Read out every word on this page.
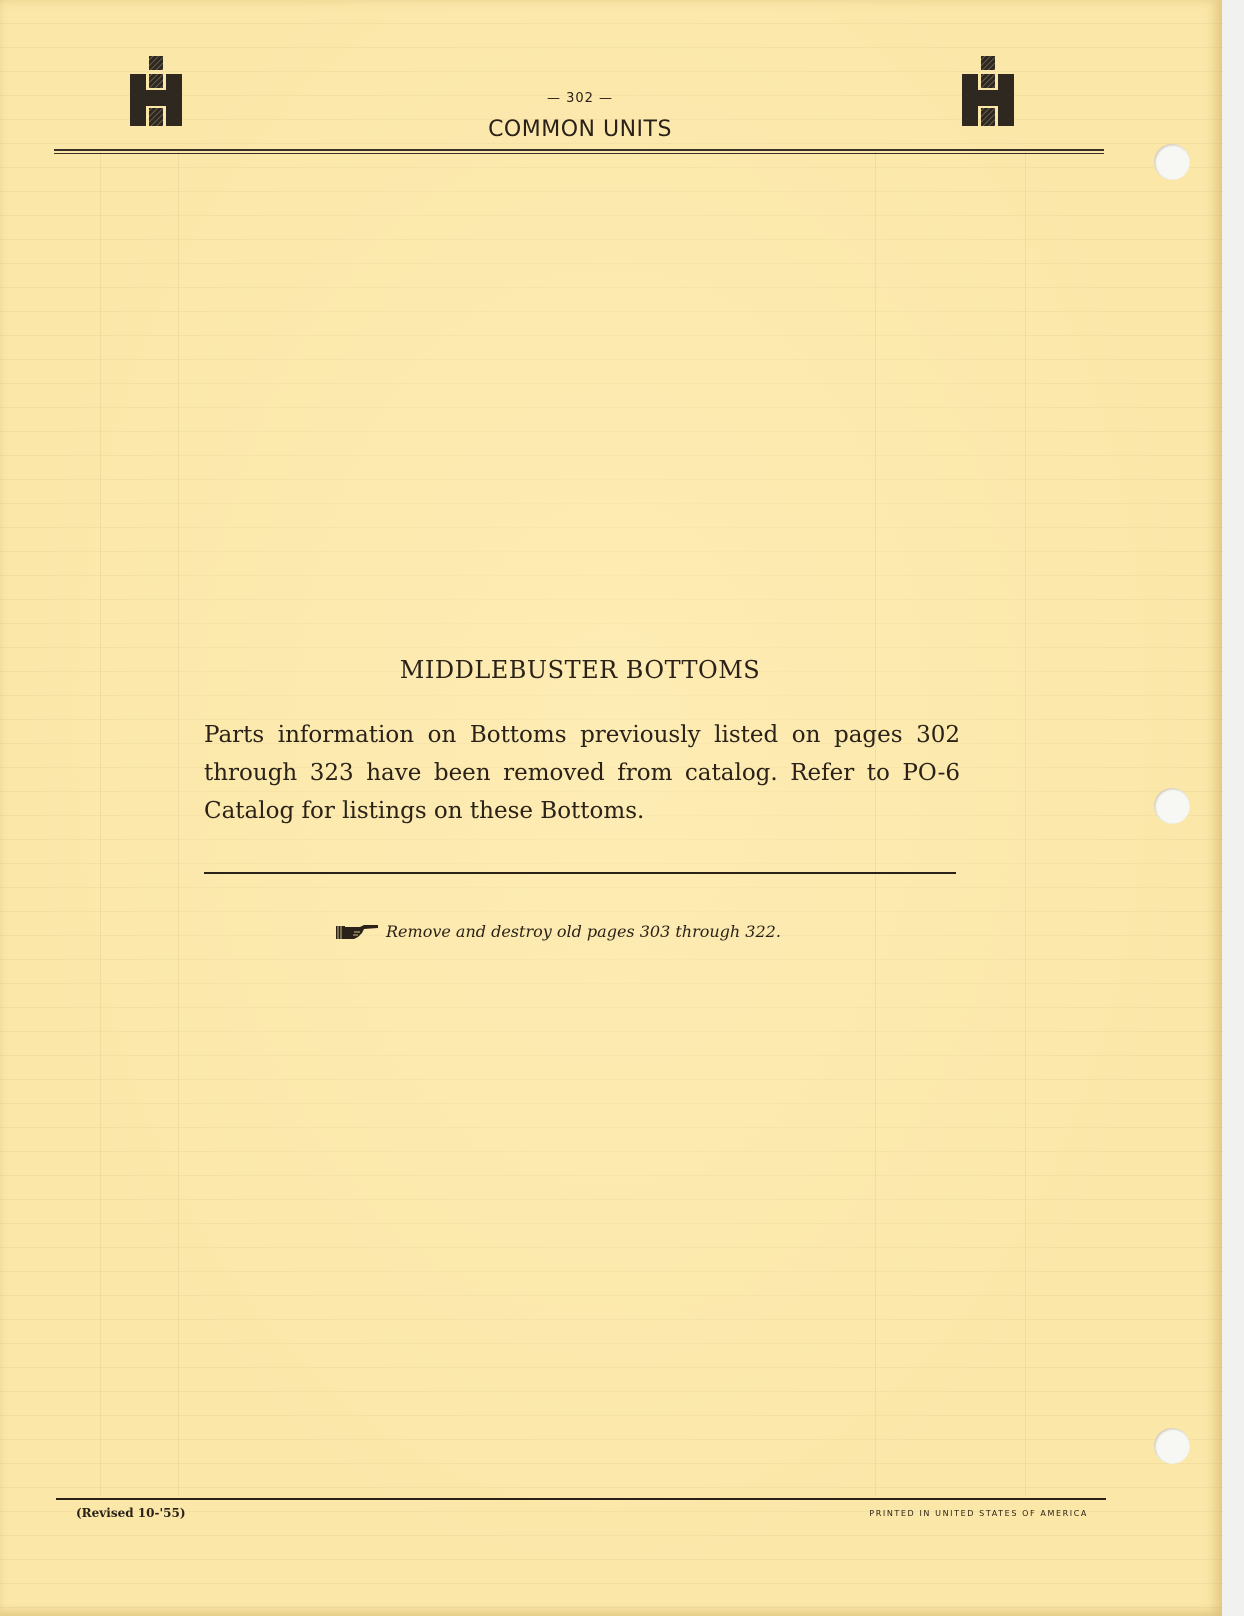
— 302 —
COMMON UNITS
MIDDLEBUSTER BOTTOMS
Parts information on Bottoms previously listed on pages 302 through 323 have been removed from catalog. Refer to PO-6 Catalog for listings on these Bottoms.
Remove and destroy old pages 303 through 322.
(Revised 10-'55)	PRINTED IN UNITED STATES OF AMERICA
